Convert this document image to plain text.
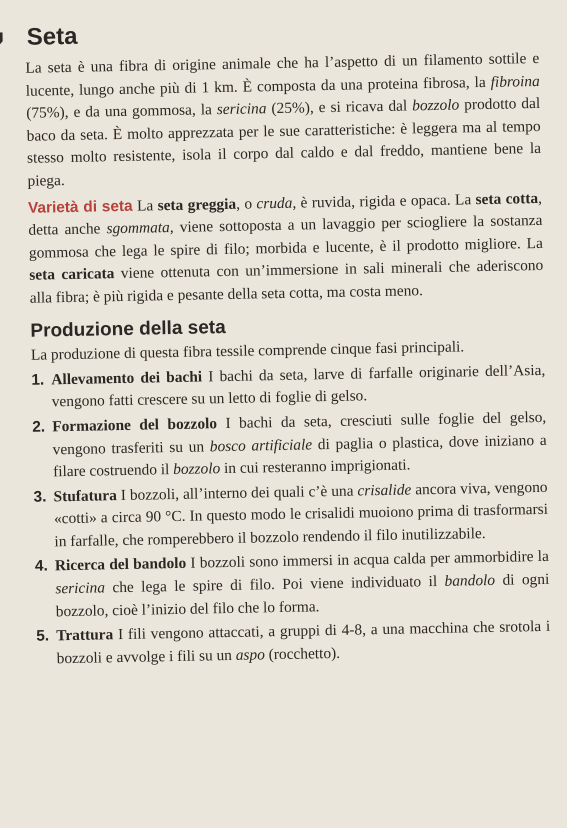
Seta

La seta è una fibra di origine animale che ha l’aspetto di un filamento sottile e lucente, lungo anche più di 1 km. È composta da una proteina fibrosa, la fibroina (75%), e da una gommosa, la sericina (25%), e si ricava dal bozzolo prodotto dal baco da seta. È molto apprezzata per le sue caratteristiche: è leggera ma al tempo stesso molto resistente, isola il corpo dal caldo e dal freddo, mantiene bene la piega.

Varietà di seta La seta greggia, o cruda, è ruvida, rigida e opaca. La seta cotta, detta anche sgommata, viene sottoposta a un lavaggio per sciogliere la sostanza gommosa che lega le spire di filo; morbida e lucente, è il prodotto migliore. La seta caricata viene ottenuta con un’immersione in sali minerali che aderiscono alla fibra; è più rigida e pesante della seta cotta, ma costa meno.

Produzione della seta

La produzione di questa fibra tessile comprende cinque fasi principali.

1. Allevamento dei bachi I bachi da seta, larve di farfalle originarie dell’Asia, vengono fatti crescere su un letto di foglie di gelso.
2. Formazione del bozzolo I bachi da seta, cresciuti sulle foglie del gelso, vengono trasferiti su un bosco artificiale di paglia o plastica, dove iniziano a filare costruendo il bozzolo in cui resteranno imprigionati.
3. Stufatura I bozzoli, all’interno dei quali c’è una crisalide ancora viva, vengono «cotti» a circa 90 °C. In questo modo le crisalidi muoiono prima di trasformarsi in farfalle, che romperebbero il bozzolo rendendo il filo inutilizzabile.
4. Ricerca del bandolo I bozzoli sono immersi in acqua calda per ammorbidire la sericina che lega le spire di filo. Poi viene individuato il bandolo di ogni bozzolo, cioè l’inizio del filo che lo forma.
5. Trattura I fili vengono attaccati, a gruppi di 4-8, a una macchina che srotola i bozzoli e avvolge i fili su un aspo (rocchetto).
